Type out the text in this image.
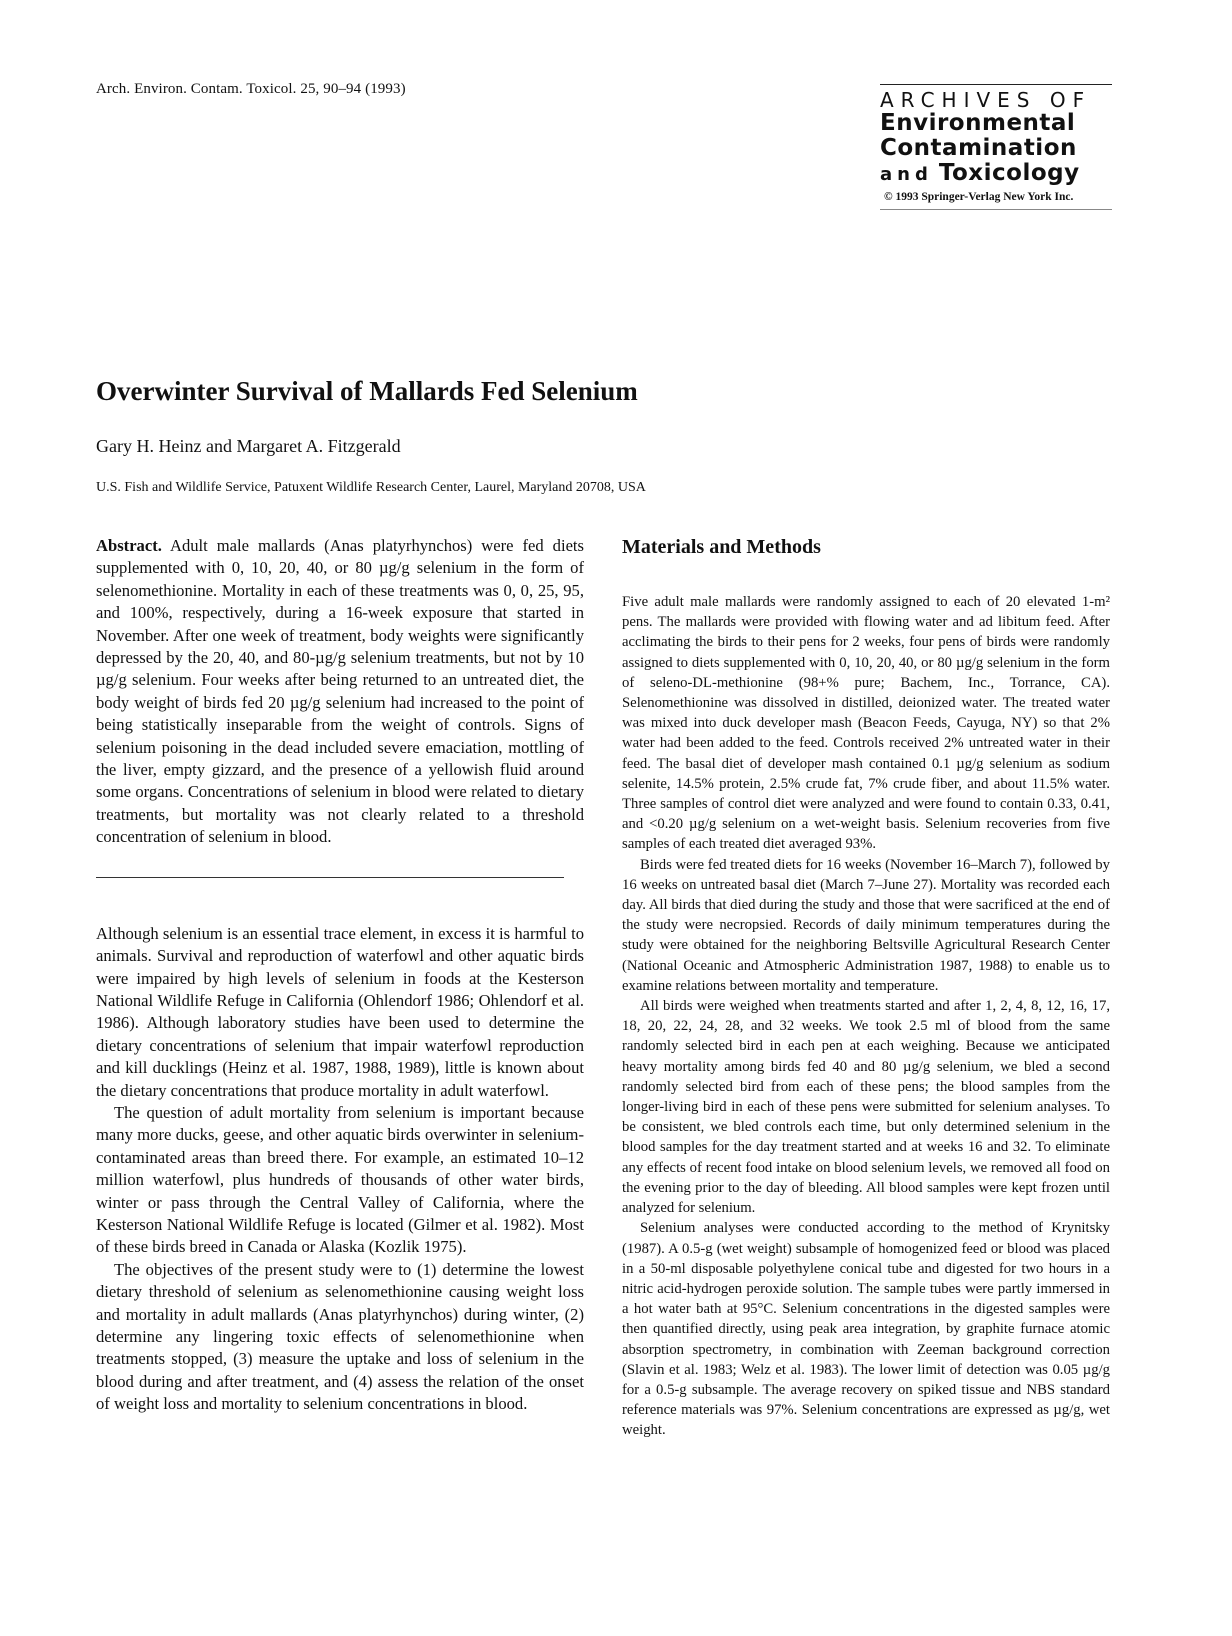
Arch. Environ. Contam. Toxicol. 25, 90–94 (1993)	ARCHIVES OF
Environmental
Contamination
and Toxicology
© 1993 Springer-Verlag New York Inc.
Overwinter Survival of Mallards Fed Selenium
Gary H. Heinz and Margaret A. Fitzgerald
U.S. Fish and Wildlife Service, Patuxent Wildlife Research Center, Laurel, Maryland 20708, USA

Abstract. Adult male mallards (Anas platyrhynchos) were fed diets supplemented with 0, 10, 20, 40, or 80 µg/g selenium in the form of selenomethionine. Mortality in each of these treatments was 0, 0, 25, 95, and 100%, respectively, during a 16-week exposure that started in November. After one week of treatment, body weights were significantly depressed by the 20, 40, and 80-µg/g selenium treatments, but not by 10 µg/g selenium. Four weeks after being returned to an untreated diet, the body weight of birds fed 20 µg/g selenium had increased to the point of being statistically inseparable from the weight of controls. Signs of selenium poisoning in the dead included severe emaciation, mottling of the liver, empty gizzard, and the presence of a yellowish fluid around some organs. Concentrations of selenium in blood were related to dietary treatments, but mortality was not clearly related to a threshold concentration of selenium in blood.

Although selenium is an essential trace element, in excess it is harmful to animals. Survival and reproduction of waterfowl and other aquatic birds were impaired by high levels of selenium in foods at the Kesterson National Wildlife Refuge in California (Ohlendorf 1986; Ohlendorf et al. 1986). Although laboratory studies have been used to determine the dietary concentrations of selenium that impair waterfowl reproduction and kill ducklings (Heinz et al. 1987, 1988, 1989), little is known about the dietary concentrations that produce mortality in adult waterfowl.

The question of adult mortality from selenium is important because many more ducks, geese, and other aquatic birds overwinter in selenium-contaminated areas than breed there. For example, an estimated 10–12 million waterfowl, plus hundreds of thousands of other water birds, winter or pass through the Central Valley of California, where the Kesterson National Wildlife Refuge is located (Gilmer et al. 1982). Most of these birds breed in Canada or Alaska (Kozlik 1975).

The objectives of the present study were to (1) determine the lowest dietary threshold of selenium as selenomethionine causing weight loss and mortality in adult mallards (Anas platyrhynchos) during winter, (2) determine any lingering toxic effects of selenomethionine when treatments stopped, (3) measure the uptake and loss of selenium in the blood during and after treatment, and (4) assess the relation of the onset of weight loss and mortality to selenium concentrations in blood.

Materials and Methods

Five adult male mallards were randomly assigned to each of 20 elevated 1-m² pens. The mallards were provided with flowing water and ad libitum feed. After acclimating the birds to their pens for 2 weeks, four pens of birds were randomly assigned to diets supplemented with 0, 10, 20, 40, or 80 µg/g selenium in the form of seleno-DL-methionine (98+% pure; Bachem, Inc., Torrance, CA). Selenomethionine was dissolved in distilled, deionized water. The treated water was mixed into duck developer mash (Beacon Feeds, Cayuga, NY) so that 2% water had been added to the feed. Controls received 2% untreated water in their feed. The basal diet of developer mash contained 0.1 µg/g selenium as sodium selenite, 14.5% protein, 2.5% crude fat, 7% crude fiber, and about 11.5% water. Three samples of control diet were analyzed and were found to contain 0.33, 0.41, and <0.20 µg/g selenium on a wet-weight basis. Selenium recoveries from five samples of each treated diet averaged 93%.

Birds were fed treated diets for 16 weeks (November 16–March 7), followed by 16 weeks on untreated basal diet (March 7–June 27). Mortality was recorded each day. All birds that died during the study and those that were sacrificed at the end of the study were necropsied. Records of daily minimum temperatures during the study were obtained for the neighboring Beltsville Agricultural Research Center (National Oceanic and Atmospheric Administration 1987, 1988) to enable us to examine relations between mortality and temperature.

All birds were weighed when treatments started and after 1, 2, 4, 8, 12, 16, 17, 18, 20, 22, 24, 28, and 32 weeks. We took 2.5 ml of blood from the same randomly selected bird in each pen at each weighing. Because we anticipated heavy mortality among birds fed 40 and 80 µg/g selenium, we bled a second randomly selected bird from each of these pens; the blood samples from the longer-living bird in each of these pens were submitted for selenium analyses. To be consistent, we bled controls each time, but only determined selenium in the blood samples for the day treatment started and at weeks 16 and 32. To eliminate any effects of recent food intake on blood selenium levels, we removed all food on the evening prior to the day of bleeding. All blood samples were kept frozen until analyzed for selenium.

Selenium analyses were conducted according to the method of Krynitsky (1987). A 0.5-g (wet weight) subsample of homogenized feed or blood was placed in a 50-ml disposable polyethylene conical tube and digested for two hours in a nitric acid-hydrogen peroxide solution. The sample tubes were partly immersed in a hot water bath at 95°C. Selenium concentrations in the digested samples were then quantified directly, using peak area integration, by graphite furnace atomic absorption spectrometry, in combination with Zeeman background correction (Slavin et al. 1983; Welz et al. 1983). The lower limit of detection was 0.05 µg/g for a 0.5-g subsample. The average recovery on spiked tissue and NBS standard reference materials was 97%. Selenium concentrations are expressed as µg/g, wet weight.
